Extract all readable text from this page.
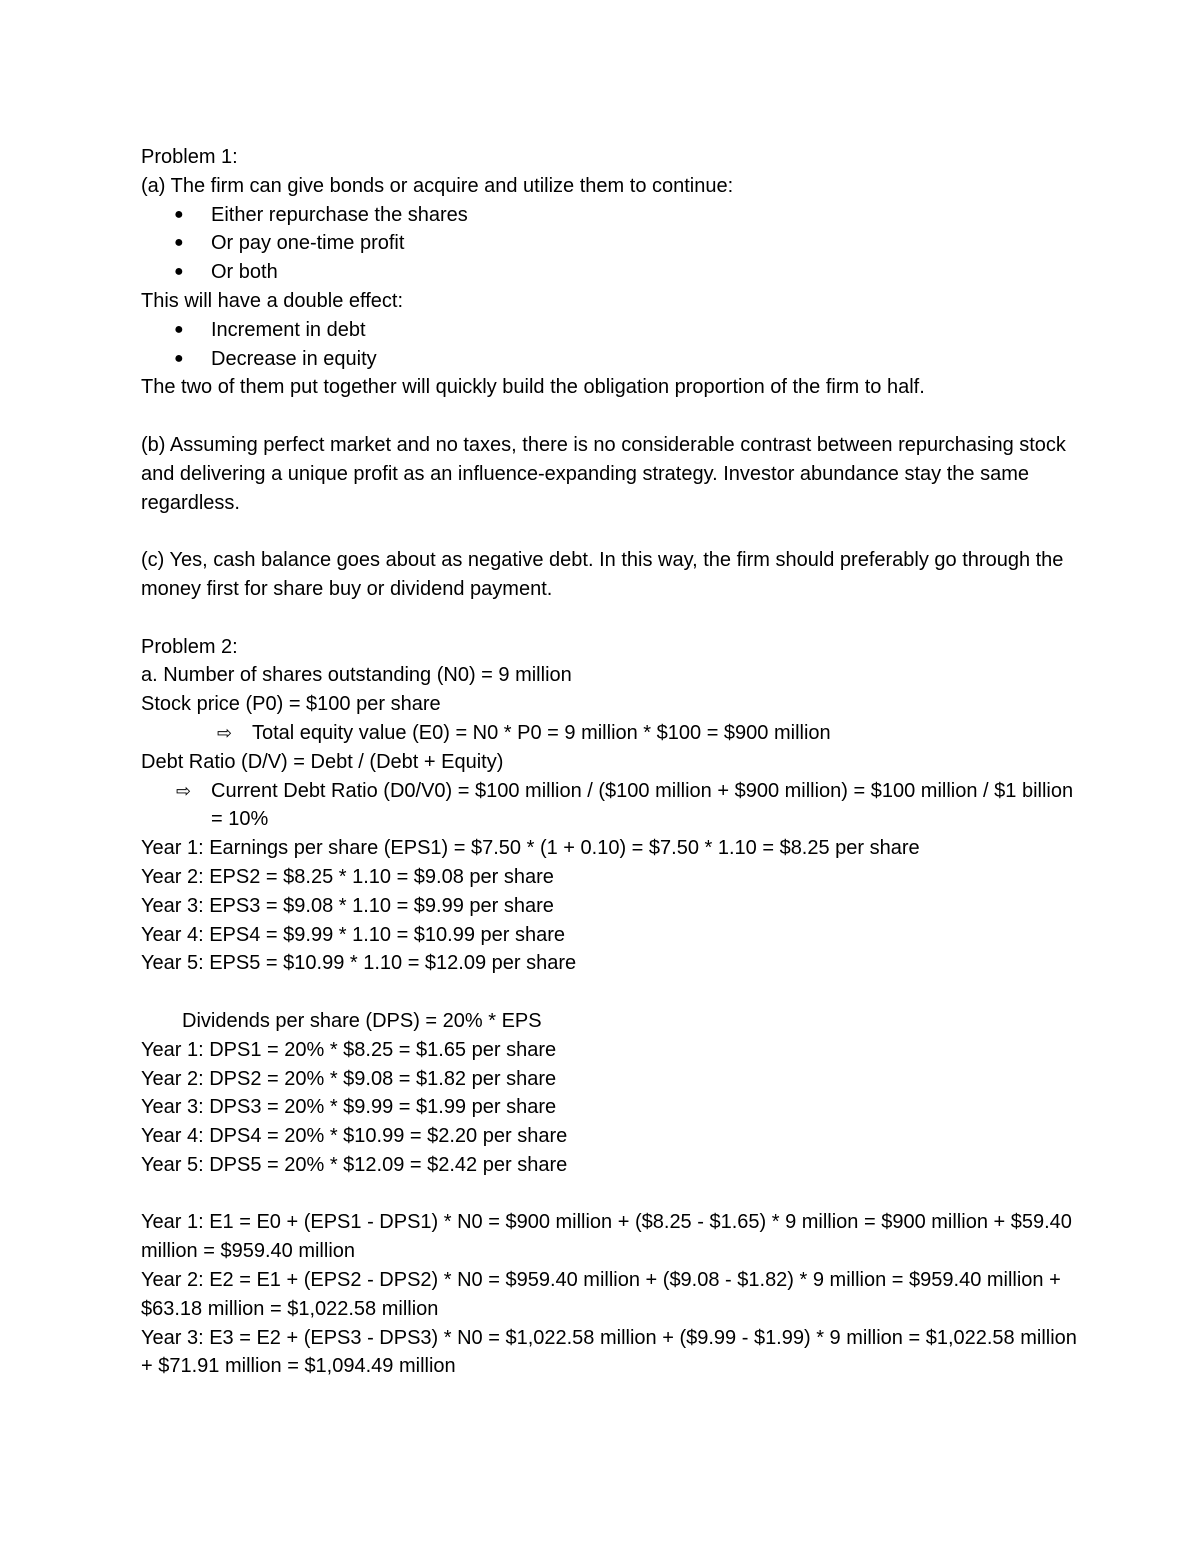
Problem 1:
(a) The firm can give bonds or acquire and utilize them to continue:
● Either repurchase the shares
● Or pay one-time profit
● Or both
This will have a double effect:
● Increment in debt
● Decrease in equity
The two of them put together will quickly build the obligation proportion of the firm to half.
(b) Assuming perfect market and no taxes, there is no considerable contrast between repurchasing stock and delivering a unique profit as an influence-expanding strategy. Investor abundance stay the same regardless.
(c) Yes, cash balance goes about as negative debt. In this way, the firm should preferably go through the money first for share buy or dividend payment.
Problem 2:
a. Number of shares outstanding (N0) = 9 million
Stock price (P0) = $100 per share
⇨ Total equity value (E0) = N0 * P0 = 9 million * $100 = $900 million
Debt Ratio (D/V) = Debt / (Debt + Equity)
⇨ Current Debt Ratio (D0/V0) = $100 million / ($100 million + $900 million) = $100 million / $1 billion = 10%
Year 1: Earnings per share (EPS1) = $7.50 * (1 + 0.10) = $7.50 * 1.10 = $8.25 per share
Year 2: EPS2 = $8.25 * 1.10 = $9.08 per share
Year 3: EPS3 = $9.08 * 1.10 = $9.99 per share
Year 4: EPS4 = $9.99 * 1.10 = $10.99 per share
Year 5: EPS5 = $10.99 * 1.10 = $12.09 per share
Dividends per share (DPS) = 20% * EPS
Year 1: DPS1 = 20% * $8.25 = $1.65 per share
Year 2: DPS2 = 20% * $9.08 = $1.82 per share
Year 3: DPS3 = 20% * $9.99 = $1.99 per share
Year 4: DPS4 = 20% * $10.99 = $2.20 per share
Year 5: DPS5 = 20% * $12.09 = $2.42 per share
Year 1: E1 = E0 + (EPS1 - DPS1) * N0 = $900 million + ($8.25 - $1.65) * 9 million = $900 million + $59.40 million = $959.40 million
Year 2: E2 = E1 + (EPS2 - DPS2) * N0 = $959.40 million + ($9.08 - $1.82) * 9 million = $959.40 million + $63.18 million = $1,022.58 million
Year 3: E3 = E2 + (EPS3 - DPS3) * N0 = $1,022.58 million + ($9.99 - $1.99) * 9 million = $1,022.58 million + $71.91 million = $1,094.49 million
